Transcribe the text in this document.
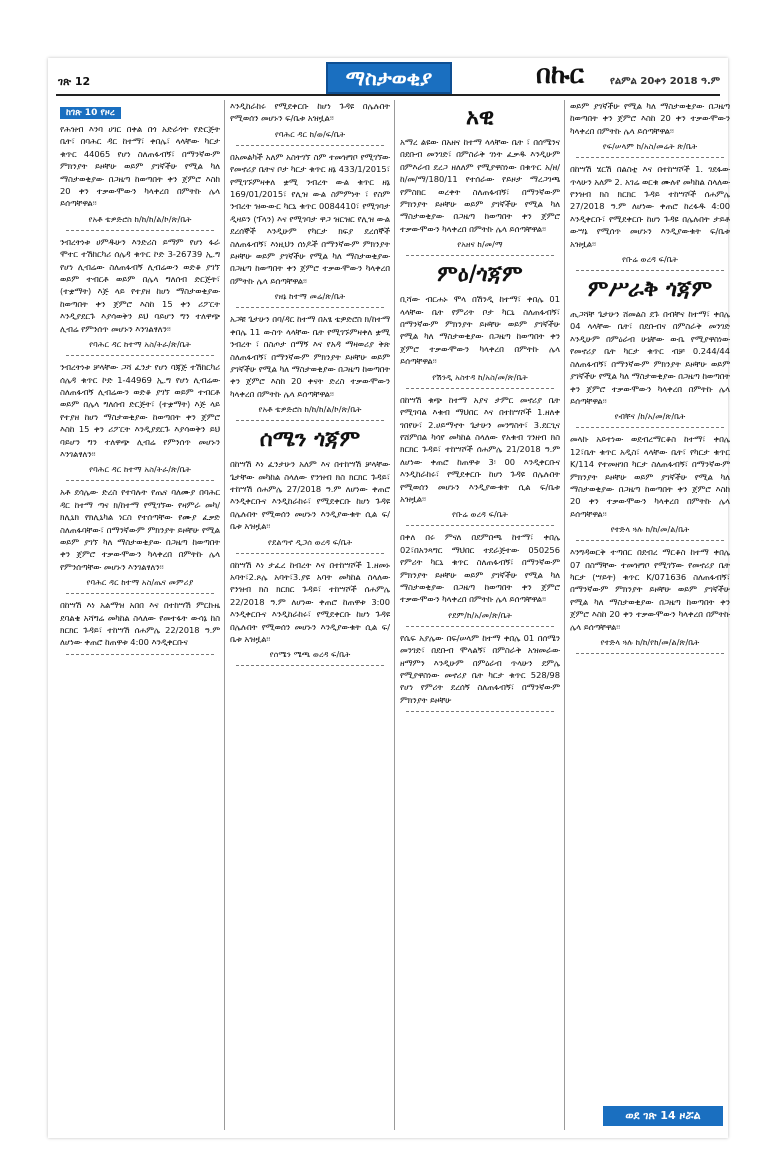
ገጽ 12	ማስታወቂያ	በኩር	የልምል 20ቀን 2018 ዓ.ም
ከገጽ 10 የዞረ
የሕዝብ እንባ ሀገር በቀል በጎ አድራጎት የድርጅት ቤት፣ በባሕር ዳር ከተማ፣ ቀበሌ፣ ላላቸው ካርታ ቁጥር 44065 የሆነ ስለጠፋብኝ፣ በማንኛውም ምክንያት ይዞቸሁ ወይም ያገኛችሁ የሚል ካለ ማስታወቂያው በጋዜጣ ከወጣበት ቀን ጀምሮ እስከ 20 ቀን ተቃውሞውን ካላቀረበ በምትኩ ሌላ ይሰጣቸዋል፡፡
የአቶ ቴዎድሮስ ከ/ከ/ከ/ል/ኮ/ጽ/ቤት
ንብረትነቱ ሀምዱሁን እንድሪስ ይማም የሆነ ፋራ ሞተር ተሽከርካሪ ሰሌዳ ቁጥር ኮድ 3-26739 ኢ.ግ የሆነ ሊብሬው ስለጠፋብኝ ሊብሬውን ወድቆ ያገኘ ወይም ተብርቶ ወይም በሌላ ግለሰብ ድርጅት፣ (ተቋማት) እጅ ላይ የተያዘ ከሆነ ማስታወቂያው ከወጣበት ቀን ጀምሮ እስከ 15 ቀን ሪፖርት እንዲያደርጉ እያሳወቅን ይህ ባይሆን ግን ተለዋጭ ሊብሬ የምንሰጥ መሆኑን እንገልፃለን፡፡
የባሕር ዳር ከተማ አስ/ትራ/ጽ/ቤት
ንብረትነቱ ቻላቸው ጋሻ ፈንታ የሆነ ባጃጅ ተሽከርካሪ ሰሌዳ ቁጥር ኮድ 1-44969 ኢ.ግ የሆነ ሊብሬው ስለጠፋብኝ ሊብሬውን ወድቆ ያገኘ ወይም ተብርቶ ወይም በሌላ ግለሰብ ድርጅት፣ (ተቋማት) እጅ ላይ የተያዘ ከሆነ ማስታወቂያው ከወጣበት ቀን ጀምሮ እስከ 15 ቀን ሪፖርት እንዲያደርጉ እያሳወቅን ይህ ባይሆን ግን ተለዋጭ ሊብሬ የምንሰጥ መሆኑን እንገልፃለን፡፡
የባሕር ዳር ከተማ አስ/ትራ/ጽ/ቤት
አቶ ደሳሌው ድረስ የተባሉት የጤና ባለሙያ በባሕር ዳር ከተማ ጣና ክ/ከተማ የሚገኘው የዛምራ መካ/ክሊኒክ የክሊኒካል ነርስ የተሰጣቸው የሙያ ፈቃድ ስለጠፋባቸው፣ በማንኛውም ምክንያት ይዞቸሁ የሚል ወይም ያገኘ ካለ ማስታወቂያው በጋዜጣ ከወጣበት ቀን ጀምሮ ተቃውሞውን ካላቀረበ በምትኩ ሌላ የምንሰጣቸው መሆኑን እንገልፃለን፡፡
የባሕር ዳር ከተማ አስ/ጤና መምሪያ
በከሣሽ እነ አልማዝ አበበ እና በተከሣሽ ምርኩዜ ደባልቄ አሻግሬ መካከል ስላለው የመተፋት ውሳኔ ከስ ክርክር ጉዳይ፣ ተከሣሽ ሰሐምሌ 22/2018 ዓ.ም ለሆነው ቀጠሮ ከጠዋቱ 4:00 እንዲቀርቡና
እንዲከራከሩ የሚደቀርቡ ከሆነ ጉዳዩ በሌሉበት የሚወሰን መሆኑን ፍ/ቤቱ አዝዟል፡፡
የባሕር ዳር ከ/ወ/ፍ/ቤት
በአመልካች አለም አስትገኘ ስም ተመዝግቦ የሚገኘው የመኖሪያ ቤትና ቦታ ካርታ ቁጥር ዘኔ 433/1/2015፣ የሚገኙምዛቀለ ቋሚ ንብረት ውል ቁጥር ዘኔ 169/01/2015፣ የሊዝ ውል ስምምነት ፣ የስም ንብረት ዝውውር ካርኒ ቁጥር 0084410፣ የሚገባታ ዲዛይን (ፕላን) እና የሚገባታ ዋጋ ዝርዝር የሊዝ ውል ደረሰኞች እንዲሁም የካርታ ክፍያ ደረሰኞች ስለጠፋብኝ፣ እነዚህን ሰነዶች በማንኛውም ምክንያት ይዞቸሁ ወይም ያገኛችሁ የሚል ካለ ማስታወቂያው በጋዜጣ ከወጣበት ቀን ጀምሮ ተቃውሞውን ካላቀረበ በምትኩ ሌላ ይሰጣቸዋል፡፡
የዘኔ ከተማ መሬ/ጽ/ቤት
አጋቹ ጌታሁን በባ/ዳር ከተማ በአፄ ቴዎድሮስ ክ/ከተማ ቀበሌ 11 ውስጥ ላላቸው ቤት የሚገኙምዛቀለ ቋሚ ንብረት ፣ በስጦታ በማኝ እና የአዳ ማዛወሪያ ቅጽ ስለጠፋብኝ፣ በማንኛውም ምክንያት ይዞቸሁ ወይም ያገኛችሁ የሚል ካለ ማስታወቂያው በጋዜጣ ከወጣበት ቀን ጀምሮ እስከ 20 ቀናት ድረስ ተቃውሞውን ካላቀረበ በምትኩ ሌላ ይሰጣቸዋል፡፡
የአቶ ቴዎድሮስ ከ/ከ/ከ/ል/ኮ/ጽ/ቤት
ሰሜን ጎጃም
በከሣሽ እነ ፈንታሁን አለም እና በተከሣሽ ቻላቸው ጌታቸው መካከል ስላለው የንዝብ ክስ ክርክር ጉዳይ፣ ተከሣሽ ሰሐምሌ 27/2018 ዓ.ም ለሆነው ቀጠሮ እንዲቀርቡና እንዲከራከሩ፣ የሚደቀርቡ ከሆነ ጉዳዩ በሌሉበት የሚወሰን መሆኑን እንዲያውቁት ሲል ፍ/ቤቱ አዝዟል፡፡
የደልጣኖ ዲጋሰ ወረዳ ፍ/ቤት
በከሣሽ እነ ታፈረ ከብረት እና በተከሣሾች 1.ዘመኑ አባት፣2.ጾሌ አባት፣3.ያዩ አባት መካከል ስላለው የንዝብ ክስ ክርክር ጉዳይ፣ ተከሣሾች ሰሐምሌ 22/2018 ዓ.ም ለሆነው ቀጠሮ ከጠዋቱ 3:00 እንዲቀርቡና እንዲከራከሩ፣ የሚደቀርቡ ከሆነ ጉዳዩ በሌሉበት የሚወሰን መሆኑን እንዲያውቁት ሲል ፍ/ቤቱ አዝዟል፡፡
የሰሜን ሜጫ ወረዳ ፍ/ቤት
አዊ
አማረ ልዩው በአዘና ከተማ ላላቸው ቤት ፣ በሰሜንና በደቡብ መንገድ፣ በምስራቅ ገነት ፈቃዱ እንዲሁም በምእራብ ደረጋ ዘለለም የሚያዋስነው በቁጥር አ/ዘ/ከ/መ/ማ/180/11 የተሰራው የይዞታ ማረጋገጫ የምስክር ወረቀት ስለጠፋብኝ፣ በማንኛውም ምክንያት ይዞቸሁ ወይም ያገኛችሁ የሚል ካለ ማስታወቂያው በጋዜጣ ከወጣበት ቀን ጀምሮ ተቃውሞውን ካላቀረበ በምትኩ ሌላ ይሰጣቸዋል፡፡
የአዘና ከ/መ/ማ
ምዕ/ጎጃም
ቢሻው ብርሐኑ ሞላ በሽንዲ ከተማ፣ ቀበሌ 01 ላላቸው ቤት የምሪት ቦታ ካርኒ ስለጠፋብኝ፣ በማንኛውም ምክንያት ይዞቸሁ ወይም ያገኛችሁ የሚል ካለ ማስታወቂያው በጋዜጣ ከወጣበት ቀን ጀምሮ ተቃውሞውን ካላቀረበ በምትኩ ሌላ ይሰጣቸዋል፡፡
የሽንዲ አስተዳ ከ/አስ/መ/ጽ/ቤት
በከሣሽ ቁጭ ከተማ አያና ታምር መኖሪያ ቤት የሚገባል እቁብ ማህበር እና በተከሣሾች 1.ዘለቀ ገበየሁ፣ 2.ሀይማኖት ጌታሁን መንግስት፣ 3.ደርጊና የሸምበል ካሳየ መካከል ስላለው የአቁብ ገንዘብ ክስ ክርክር ጉዳይ፣ ተከሣሾች ሰሐምሌ 21/2018 ዓ.ም ለሆነው ቀጠሮ ከጠዋቱ 3፡ 00 እንዲቀርቡና እንዲከራከሩ፣ የሚደቀርቡ ከሆነ ጉዳዩ በሌሉበት የሚወሰን መሆኑን እንዲያውቁት ሲል ፍ/ቤቱ አዝዟል፡፡
የቡሬ ወረዳ ፍ/ቤት
በቀለ በሩ ምናለ በደምበጫ ከተማ፣ ቀበሌ 02፣በአንጻግር ማህበር ተደራጅተው 050256 የምሪት ካርኒ ቁጥር ስለጠፋብኝ፣ በማንኛውም ምክንያት ይዞቸሁ ወይም ያገኛችሁ የሚል ካለ ማስታወቂያው በጋዜጣ ከወጣበት ቀን ጀምሮ ተቃውሞውን ካላቀረበ በምትኩ ሌላ ይሰጣቸዋል፡፡
የደም/ከ/አ/መ/ጽ/ቤት
የሴፍ አያሌው በፍ/ሠላም ከተማ ቀበሌ 01 በሰሜን መንገድ፣ በደቡብ ሞላልኝ፣ በምስራቅ አዝመራው ዘማምን እንዲሁም በምዕራብ ጥላሁን ደምሌ የሚያዋስነው መኖሪያ ቤት ካርታ ቁጥር 528/98 የሆነ የምሪት ደረሰኝ ስለጠፋብኝ፣ በማንኛውም ምክንያት ይዞቸሁ
ወይም ያገኛችሁ የሚል ካለ ማስታወቂያው በጋዜጣ ከወጣበት ቀን ጀምሮ እስከ 20 ቀን ተቃውሞውን ካላቀረበ በምትኩ ሌላ ይሰጣቸዋል፡፡
የፍ/ሠላም ከ/አስ/መሬት ጽ/ቤት
በከሣሽ ሄርሽ በልስቲ እና በተከሣሾች 1. ገደፋው ጥላሁን አለም 2. አገሬ ወርቁ ሙሉየ መካከል ስላለው የንዝብ ክስ ክርክር ጉዳይ ተከሣሾች ሰሐምሌ 27/2018 ዓ.ም ለሆነው ቀጠሮ ከረፋዱ 4:00 እንዲቀርቡ፣ የሚደቀርቡ ከሆነ ጉዳዩ በሌሉበት ታይቶ ውሣኔ የሚሰጥ መሆኑን እንዲያውቁት ፍ/ቤቱ አዝዟል፡፡
የቡሬ ወረዳ ፍ/ቤት
ምሥራቅ ጎጃም
ጢጋሻቸ ጌታሁን ሸመልስ ደጉ በብቸና ከተማ፣ ቀበሌ 04 ላላቸው ቤት፣ በደቡብና በምስራቅ መንገድ እንዲሁም በምዕራብ ሁኒቸው ውቤ የሚያዋስነው የመኖሪያ ቤት ካርታ ቁጥር ብቻ 0.244/44 ስለጠፋብኝ፣ በማንኛውም ምክንያት ይዞቸሁ ወይም ያገኛችሁ የሚል ካለ ማስታወቂያው በጋዜጣ ከወጣበት ቀን ጀምሮ ተቃውሞውን ካላቀረበ በምትኩ ሌላ ይሰጣቸዋል፡፡
የብቸና /ከ/አ/መ/ጽ/ቤት
መላኩ አይተነው ወደብረማርቆስ ከተማ፣ ቀበሌ 12፣ቤት ቁጥር አዲስ፣ ላላቸው ቤት፣ የካርታ ቁጥር K/114 የተመዘገበ ካርታ ስለጠፋብኝ፣ በማንኛውም ምክንያት ይዞቸሁ ወይም ያገኛችሁ የሚል ካለ ማስታወቂያው በጋዜጣ ከወጣበት ቀን ጀምሮ እስከ 20 ቀን ተቃውሞውን ካላቀረበ በምትኩ ሌላ ይሰጣቸዋል፡፡
የተድላ ጓሉ ከ/ከ/መ/ል/ቤት
እንግዳወርቅ ተጣበር በደብረ ማርቆስ ከተማ ቀበሌ 07 በስማቸው ተመዝግቦ የሚገኘው የመኖሪያ ቤት ካርታ (ሣይት) ቁጥር K/071636 ስለጠፋብኝ፣ በማንኛውም ምክንያት ይዞቸሁ ወይም ያገኛችሁ የሚል ካለ ማስታወቂያው በጋዜጣ ከወጣበት ቀን ጀምሮ እስከ 20 ቀን ተቃውሞውን ካላቀረበ በምትኩ ሌላ ይሰጣቸዋል፡፡
የተድላ ጓሉ ከ/ከ/የከ/መ/ል/ጽ/ቤት
ወደ ገጽ 14 ዞሯል
